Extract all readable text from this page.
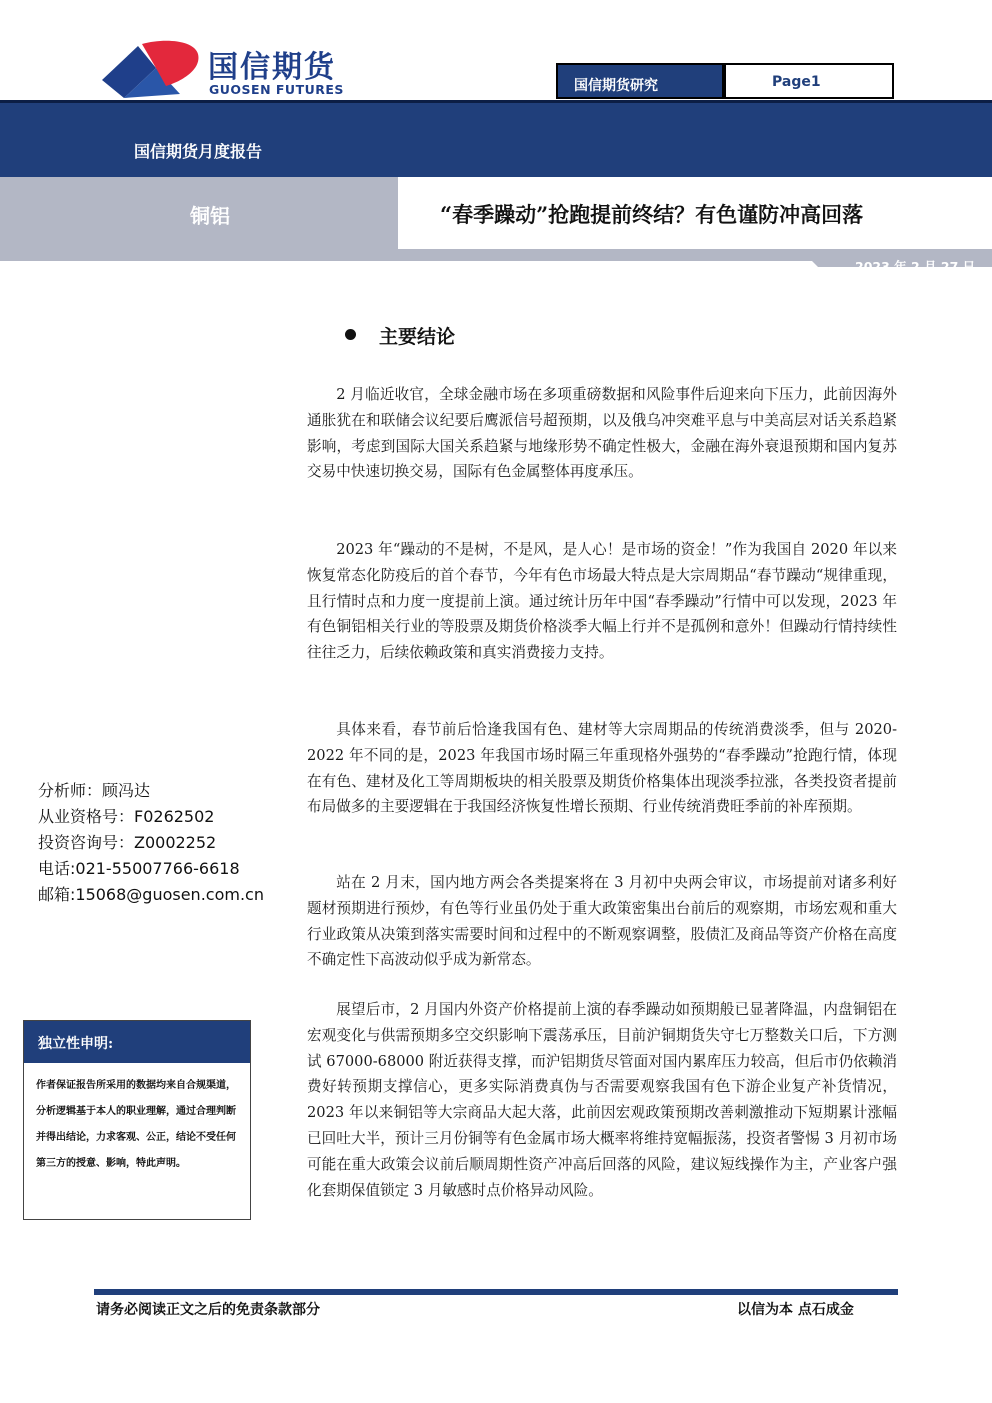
国信期货
GUOSEN FUTURES	国信期货研究	Page1
国信期货月度报告
铜铝	“春季躁动”抢跑提前终结？有色谨防冲高回落
2023 年 2 月 27 日
主要结论

2 月临近收官，全球金融市场在多项重磅数据和风险事件后迎来向下压力，此前因海外通胀犹在和联储会议纪要后鹰派信号超预期，以及俄乌冲突难平息与中美高层对话关系趋紧影响，考虑到国际大国关系趋紧与地缘形势不确定性极大，金融在海外衰退预期和国内复苏交易中快速切换交易，国际有色金属整体再度承压。

2023 年“躁动的不是树，不是风，是人心！是市场的资金！”作为我国自 2020 年以来恢复常态化防疫后的首个春节，今年有色市场最大特点是大宗周期品“春节躁动“规律重现，且行情时点和力度一度提前上演。通过统计历年中国“春季躁动”行情中可以发现，2023 年有色铜铝相关行业的等股票及期货价格淡季大幅上行并不是孤例和意外！但躁动行情持续性往往乏力，后续依赖政策和真实消费接力支持。

具体来看，春节前后恰逢我国有色、建材等大宗周期品的传统消费淡季，但与 2020-2022 年不同的是，2023 年我国市场时隔三年重现格外强势的“春季躁动”抢跑行情，体现在有色、建材及化工等周期板块的相关股票及期货价格集体出现淡季拉涨，各类投资者提前布局做多的主要逻辑在于我国经济恢复性增长预期、行业传统消费旺季前的补库预期。

站在 2 月末，国内地方两会各类提案将在 3 月初中央两会审议，市场提前对诸多利好题材预期进行预炒，有色等行业虽仍处于重大政策密集出台前后的观察期，市场宏观和重大行业政策从决策到落实需要时间和过程中的不断观察调整，股债汇及商品等资产价格在高度不确定性下高波动似乎成为新常态。

展望后市，2 月国内外资产价格提前上演的春季躁动如预期般已显著降温，内盘铜铝在宏观变化与供需预期多空交织影响下震荡承压，目前沪铜期货失守七万整数关口后，下方测试 67000-68000 附近获得支撑，而沪铝期货尽管面对国内累库压力较高，但后市仍依赖消费好转预期支撑信心，更多实际消费真伪与否需要观察我国有色下游企业复产补货情况，2023 年以来铜铝等大宗商品大起大落，此前因宏观政策预期改善刺激推动下短期累计涨幅已回吐大半，预计三月份铜等有色金属市场大概率将维持宽幅振荡，投资者警惕 3 月初市场可能在重大政策会议前后顺周期性资产冲高后回落的风险，建议短线操作为主，产业客户强化套期保值锁定 3 月敏感时点价格异动风险。

分析师：顾冯达
从业资格号：F0262502
投资咨询号：Z0002252
电话:021-55007766-6618
邮箱:15068@guosen.com.cn
独立性申明:

作者保证报告所采用的数据均来自合规渠道，分析逻辑基于本人的职业理解，通过合理判断并得出结论，力求客观、公正，结论不受任何第三方的授意、影响，特此声明。

请务必阅读正文之后的免责条款部分	以信为本 点石成金
